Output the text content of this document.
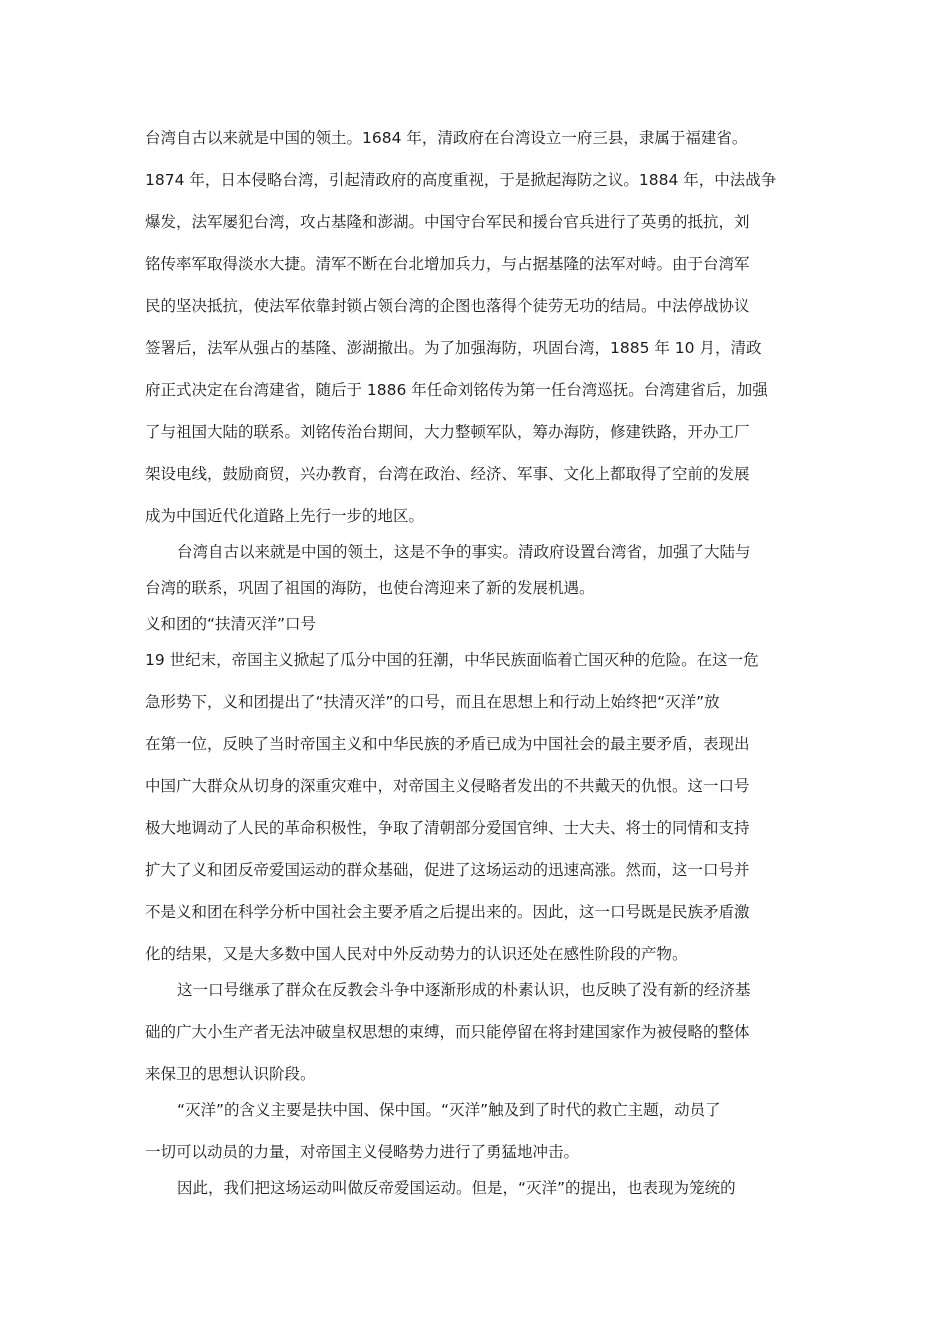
台湾自古以来就是中国的领土。1684 年，清政府在台湾设立一府三县，隶属于福建省。
1874 年，日本侵略台湾，引起清政府的高度重视，于是掀起海防之议。1884 年，中法战争
爆发，法军屡犯台湾，攻占基隆和澎湖。中国守台军民和援台官兵进行了英勇的抵抗，刘
铭传率军取得淡水大捷。清军不断在台北增加兵力，与占据基隆的法军对峙。由于台湾军
民的坚决抵抗，使法军依靠封锁占领台湾的企图也落得个徒劳无功的结局。中法停战协议
签署后，法军从强占的基隆、澎湖撤出。为了加强海防，巩固台湾，1885 年 10 月，清政
府正式决定在台湾建省，随后于 1886 年任命刘铭传为第一任台湾巡抚。台湾建省后，加强
了与祖国大陆的联系。刘铭传治台期间，大力整顿军队，筹办海防，修建铁路，开办工厂
架设电线，鼓励商贸，兴办教育，台湾在政治、经济、军事、文化上都取得了空前的发展
成为中国近代化道路上先行一步的地区。
台湾自古以来就是中国的领土，这是不争的事实。清政府设置台湾省，加强了大陆与
台湾的联系，巩固了祖国的海防，也使台湾迎来了新的发展机遇。
义和团的“扶清灭洋”口号
19 世纪末，帝国主义掀起了瓜分中国的狂潮，中华民族面临着亡国灭种的危险。在这一危
急形势下，义和团提出了“扶清灭洋”的口号，而且在思想上和行动上始终把“灭洋”放
在第一位，反映了当时帝国主义和中华民族的矛盾已成为中国社会的最主要矛盾，表现出
中国广大群众从切身的深重灾难中，对帝国主义侵略者发出的不共戴天的仇恨。这一口号
极大地调动了人民的革命积极性，争取了清朝部分爱国官绅、士大夫、将士的同情和支持
扩大了义和团反帝爱国运动的群众基础，促进了这场运动的迅速高涨。然而，这一口号并
不是义和团在科学分析中国社会主要矛盾之后提出来的。因此，这一口号既是民族矛盾激
化的结果，又是大多数中国人民对中外反动势力的认识还处在感性阶段的产物。
这一口号继承了群众在反教会斗争中逐渐形成的朴素认识，也反映了没有新的经济基
础的广大小生产者无法冲破皇权思想的束缚，而只能停留在将封建国家作为被侵略的整体
来保卫的思想认识阶段。
“灭洋”的含义主要是扶中国、保中国。“灭洋”触及到了时代的救亡主题，动员了
一切可以动员的力量，对帝国主义侵略势力进行了勇猛地冲击。
因此，我们把这场运动叫做反帝爱国运动。但是，“灭洋”的提出，也表现为笼统的
